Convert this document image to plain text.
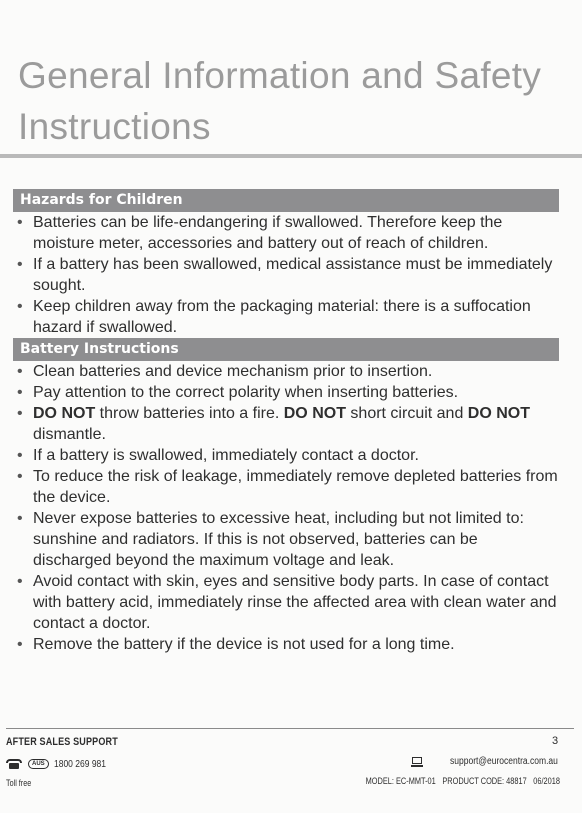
General Information and Safety Instructions
Hazards for Children
• Batteries can be life-endangering if swallowed. Therefore keep the moisture meter, accessories and battery out of reach of children.
• If a battery has been swallowed, medical assistance must be immediately sought.
• Keep children away from the packaging material: there is a suffocation hazard if swallowed.
Battery Instructions
• Clean batteries and device mechanism prior to insertion.
• Pay attention to the correct polarity when inserting batteries.
• DO NOT throw batteries into a fire. DO NOT short circuit and DO NOT dismantle.
• If a battery is swallowed, immediately contact a doctor.
• To reduce the risk of leakage, immediately remove depleted batteries from the device.
• Never expose batteries to excessive heat, including but not limited to: sunshine and radiators. If this is not observed, batteries can be discharged beyond the maximum voltage and leak.
• Avoid contact with skin, eyes and sensitive body parts. In case of contact with battery acid, immediately rinse the affected area with clean water and contact a doctor.
• Remove the battery if the device is not used for a long time.
AFTER SALES SUPPORT	3
AUS 1800 269 981
Toll free
support@eurocentra.com.au
MODEL: EC-MMT-01 PRODUCT CODE: 48817 06/2018
